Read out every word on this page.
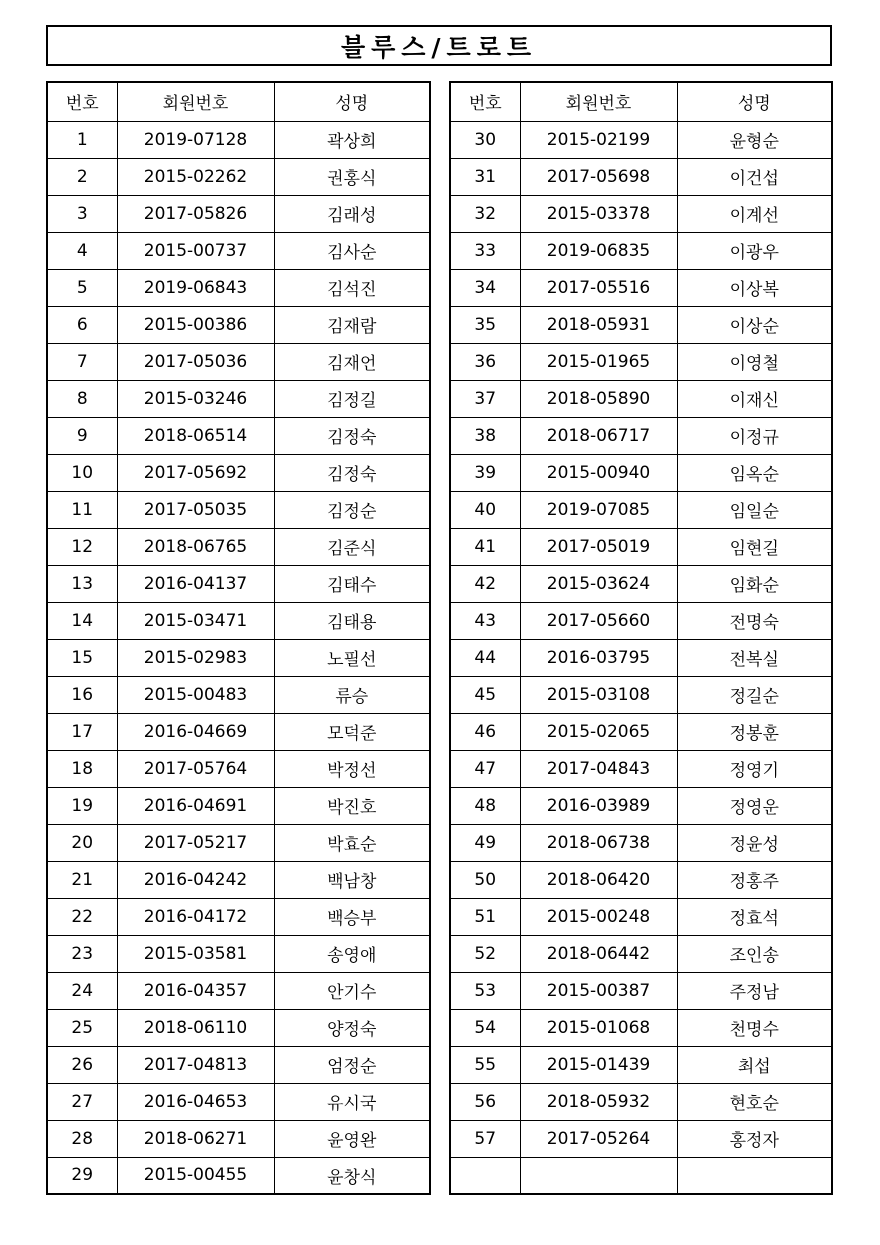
블루스/트로트
번호	회원번호	성명
1	2019-07128	곽상희
2	2015-02262	권홍식
3	2017-05826	김래성
4	2015-00737	김사순
5	2019-06843	김석진
6	2015-00386	김재람
7	2017-05036	김재언
8	2015-03246	김정길
9	2018-06514	김정숙
10	2017-05692	김정숙
11	2017-05035	김정순
12	2018-06765	김준식
13	2016-04137	김태수
14	2015-03471	김태용
15	2015-02983	노필선
16	2015-00483	류승
17	2016-04669	모덕준
18	2017-05764	박정선
19	2016-04691	박진호
20	2017-05217	박효순
21	2016-04242	백남창
22	2016-04172	백승부
23	2015-03581	송영애
24	2016-04357	안기수
25	2018-06110	양정숙
26	2017-04813	엄정순
27	2016-04653	유시국
28	2018-06271	윤영완
29	2015-00455	윤창식
번호	회원번호	성명
30	2015-02199	윤형순
31	2017-05698	이건섭
32	2015-03378	이계선
33	2019-06835	이광우
34	2017-05516	이상복
35	2018-05931	이상순
36	2015-01965	이영철
37	2018-05890	이재신
38	2018-06717	이정규
39	2015-00940	임옥순
40	2019-07085	임일순
41	2017-05019	임현길
42	2015-03624	임화순
43	2017-05660	전명숙
44	2016-03795	전복실
45	2015-03108	정길순
46	2015-02065	정봉훈
47	2017-04843	정영기
48	2016-03989	정영운
49	2018-06738	정윤성
50	2018-06420	정홍주
51	2015-00248	정효석
52	2018-06442	조인송
53	2015-00387	주정남
54	2015-01068	천명수
55	2015-01439	최섭
56	2018-05932	현호순
57	2017-05264	홍정자
